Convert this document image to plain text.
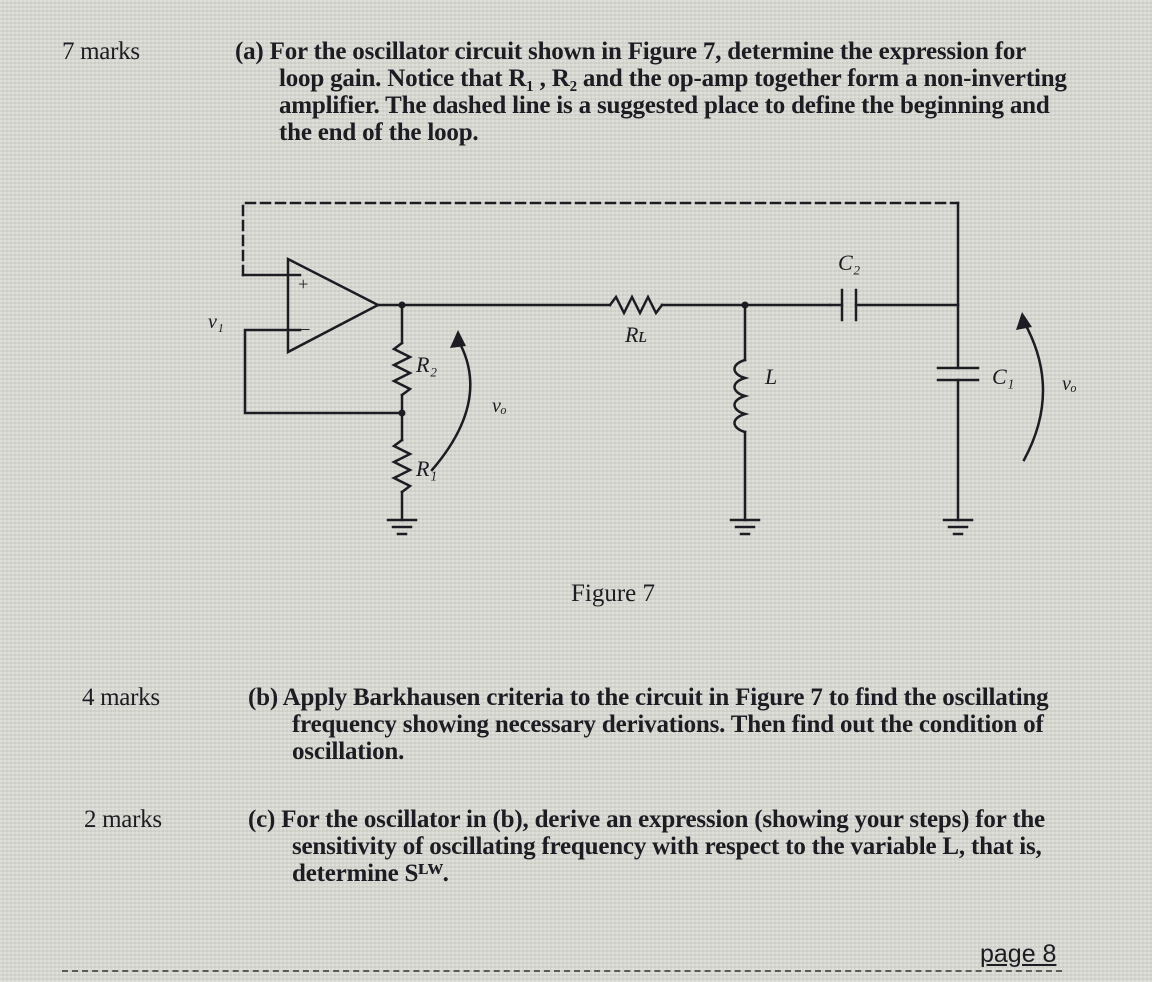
7 marks	(a) For the oscillator circuit shown in Figure 7, determine the expression for
loop gain. Notice that R₁ , R₂ and the op-amp together form a non-inverting
amplifier. The dashed line is a suggested place to define the beginning and
the end of the loop.
+
−
v₁
R₂
R₁
vₒ
Rʟ
L
C₂
C₁ vₒ
Figure 7
4 marks	(b) Apply Barkhausen criteria to the circuit in Figure 7 to find the oscillating
frequency showing necessary derivations. Then find out the condition of
oscillation.
2 marks	(c) For the oscillator in (b), derive an expression (showing your steps) for the
sensitivity of oscillating frequency with respect to the variable L, that is,
determine Sᴸᵂ.
page 8
